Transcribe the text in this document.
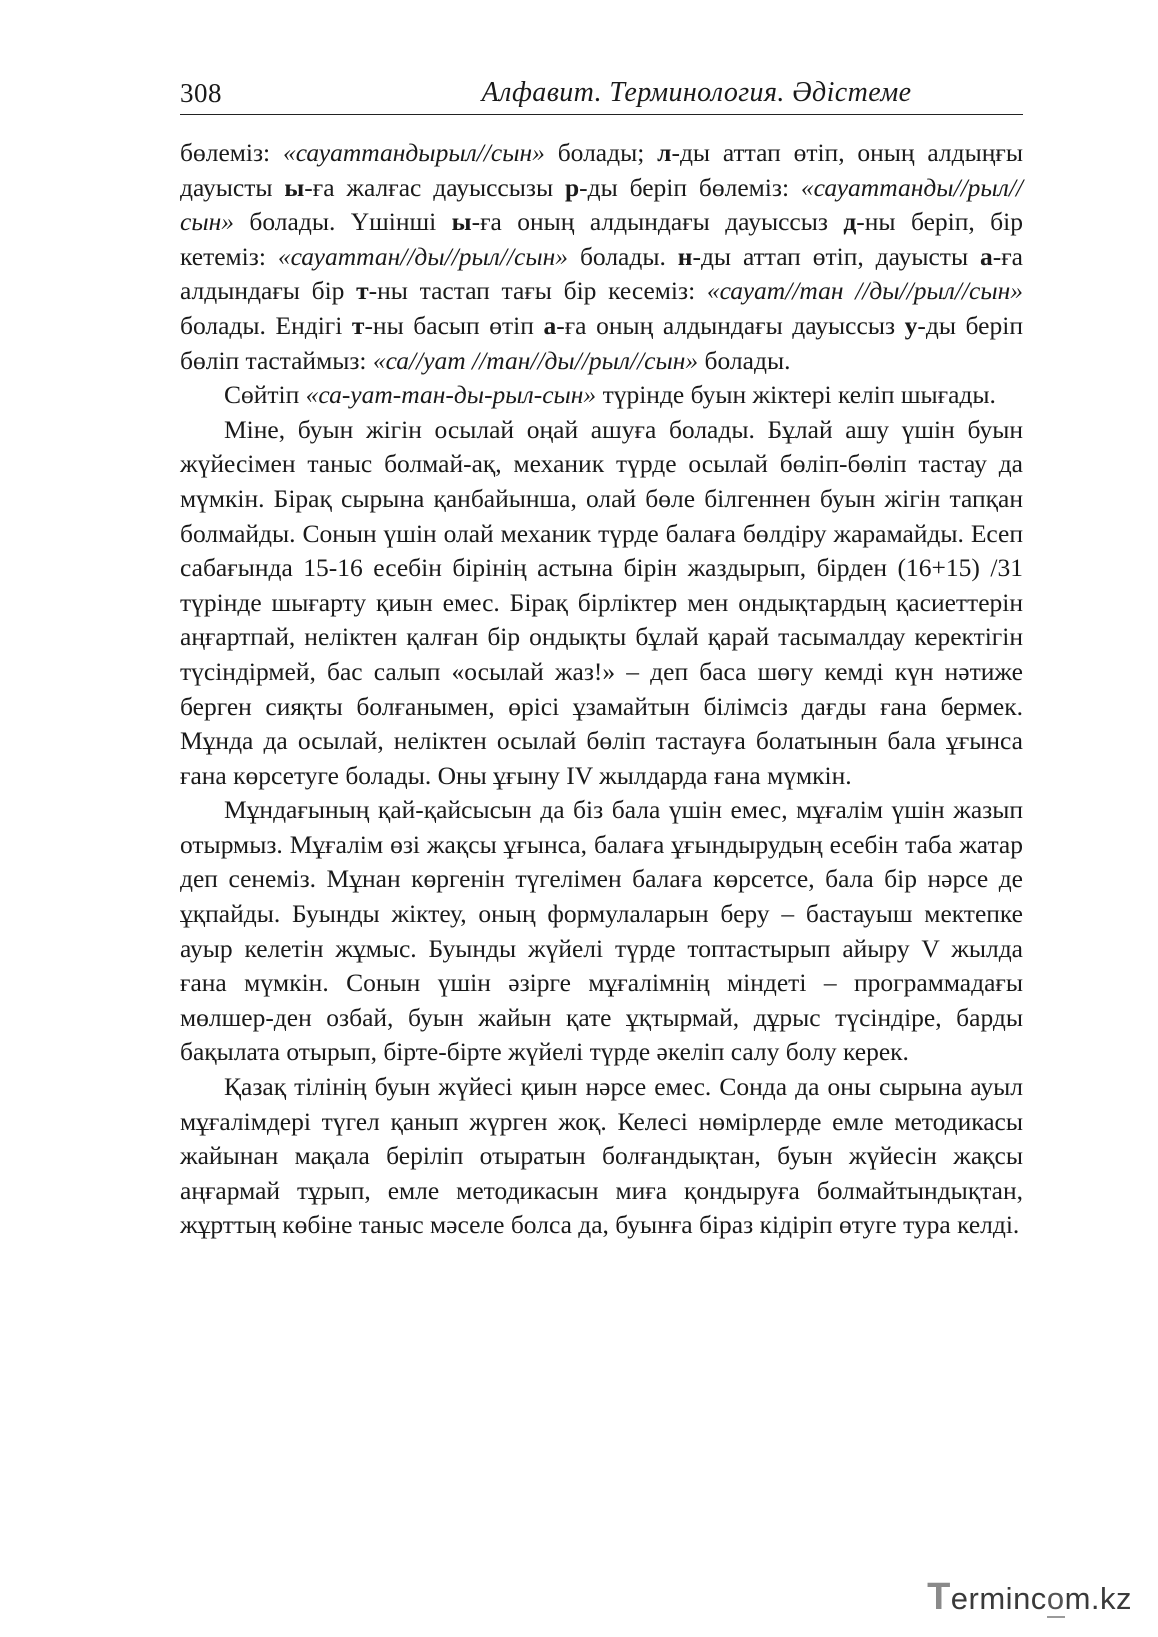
308	Алфавит. Терминология. Әдістеме

бөлеміз: «сауаттандырыл//сын» болады; л-ды аттап өтіп, оның алдыңғы дауысты ы-ға жалғас дауыссызы р-ды беріп бөлеміз: «сауаттанды//рыл//сын» болады. Үшінші ы-ға оның алдындағы дауыссыз д-ны беріп, бір кетеміз: «сауаттан//ды//рыл//сын» болады. н-ды аттап өтіп, дауысты а-ға алдындағы бір т-ны тастап тағы бір кесеміз: «сауат//тан //ды//рыл//сын» болады. Ендігі т-ны басып өтіп а-ға оның алдындағы дауыссыз у-ды беріп бөліп тастаймыз: «са//уат //тан//ды//рыл//сын» болады.

Сөйтіп «са-уат-тан-ды-рыл-сын» түрінде буын жіктері келіп шығады.

Міне, буын жігін осылай оңай ашуға болады. Бұлай ашу үшін буын жүйесімен таныс болмай-ақ, механик түрде осылай бөліп-бөліп тастау да мүмкін. Бірақ сырына қанбайынша, олай бөле білгеннен буын жігін тапқан болмайды. Сонын үшін олай механик түрде балаға бөлдіру жарамайды. Есеп сабағында 15-16 есебін бірінің астына бірін жаздырып, бірден (16+15) /31 түрінде шығарту қиын емес. Бірақ бірліктер мен ондықтардың қасиеттерін аңғартпай, неліктен қалған бір ондықты бұлай қарай тасымалдау керектігін түсіндірмей, бас салып «осылай жаз!» – деп баса шөгу кемді күн нәтиже берген сияқты болғанымен, өрісі ұзамайтын білімсіз дағды ғана бермек. Мұнда да осылай, неліктен осылай бөліп тастауға болатынын бала ұғынса ғана көрсетуге болады. Оны ұғыну IV жылдарда ғана мүмкін.

Мұндағының қай-қайсысын да біз бала үшін емес, мұғалім үшін жазып отырмыз. Мұғалім өзі жақсы ұғынса, балаға ұғындырудың есебін таба жатар деп сенеміз. Мұнан көргенін түгелімен балаға көрсетсе, бала бір нәрсе де ұқпайды. Буынды жіктеу, оның формулаларын беру – бастауыш мектепке ауыр келетін жұмыс. Буынды жүйелі түрде топтастырып айыру V жылда ғана мүмкін. Сонын үшін әзірге мұғалімнің міндеті – программадағы мөлшер-ден озбай, буын жайын қате ұқтырмай, дұрыс түсіндіре, барды бақылата отырып, бірте-бірте жүйелі түрде әкеліп салу болу керек.

Қазақ тілінің буын жүйесі қиын нәрсе емес. Сонда да оны сырына ауыл мұғалімдері түгел қанып жүрген жоқ. Келесі нөмірлерде емле методикасы жайынан мақала беріліп отыратын болғандықтан, буын жүйесін жақсы аңғармай тұрып, емле методикасын миға қондыруға болмайтындықтан, жұрттың көбіне таныс мәселе болса да, буынға біраз кідіріп өтуге тура келді.

Termincom.kz
